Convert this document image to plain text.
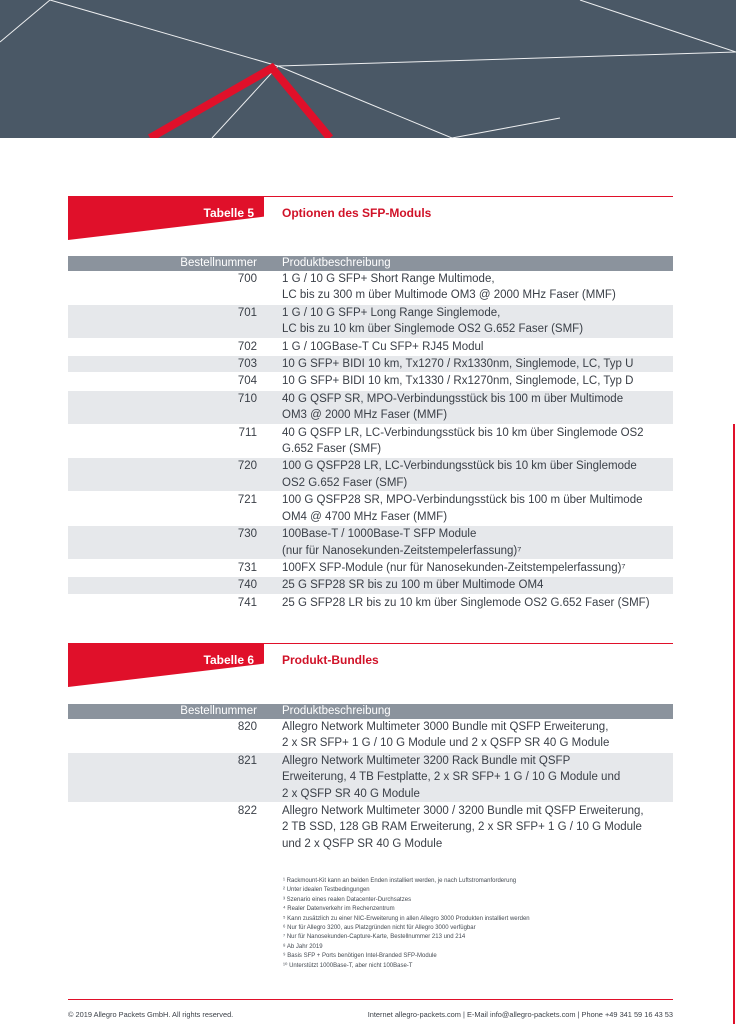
Tabelle 5 Optionen des SFP-Moduls
Bestellnummer	Produktbeschreibung
700 1 G / 10 G SFP+ Short Range Multimode,
LC bis zu 300 m über Multimode OM3 @ 2000 MHz Faser (MMF)
701 1 G / 10 G SFP+ Long Range Singlemode,
LC bis zu 10 km über Singlemode OS2 G.652 Faser (SMF)
702 1 G / 10GBase-T Cu SFP+ RJ45 Modul
703 10 G SFP+ BIDI 10 km, Tx1270 / Rx1330nm, Singlemode, LC, Typ U
704 10 G SFP+ BIDI 10 km, Tx1330 / Rx1270nm, Singlemode, LC, Typ D
710 40 G QSFP SR, MPO-Verbindungsstück bis 100 m über Multimode
OM3 @ 2000 MHz Faser (MMF)
711 40 G QSFP LR, LC-Verbindungsstück bis 10 km über Singlemode OS2
G.652 Faser (SMF)
720 100 G QSFP28 LR, LC-Verbindungsstück bis 10 km über Singlemode
OS2 G.652 Faser (SMF)
721 100 G QSFP28 SR, MPO-Verbindungsstück bis 100 m über Multimode
OM4 @ 4700 MHz Faser (MMF)
730 100Base-T / 1000Base-T SFP Module
(nur für Nanosekunden-Zeitstempelerfassung)⁷
731 100FX SFP-Module (nur für Nanosekunden-Zeitstempelerfassung)⁷
740 25 G SFP28 SR bis zu 100 m über Multimode OM4
741 25 G SFP28 LR bis zu 10 km über Singlemode OS2 G.652 Faser (SMF)
Tabelle 6 Produkt-Bundles
Bestellnummer	Produktbeschreibung
820 Allegro Network Multimeter 3000 Bundle mit QSFP Erweiterung,
2 x SR SFP+ 1 G / 10 G Module und 2 x QSFP SR 40 G Module
821 Allegro Network Multimeter 3200 Rack Bundle mit QSFP
Erweiterung, 4 TB Festplatte, 2 x SR SFP+ 1 G / 10 G Module und
2 x QSFP SR 40 G Module
822 Allegro Network Multimeter 3000 / 3200 Bundle mit QSFP Erweiterung,
2 TB SSD, 128 GB RAM Erweiterung, 2 x SR SFP+ 1 G / 10 G Module
und 2 x QSFP SR 40 G Module
¹ Rackmount-Kit kann an beiden Enden installiert werden, je nach Luftstromanforderung
² Unter idealen Testbedingungen
³ Szenario eines realen Datacenter-Durchsatzes
⁴ Realer Datenverkehr im Rechenzentrum
⁵ Kann zusätzlich zu einer NIC-Erweiterung in allen Allegro 3000 Produkten installiert werden
⁶ Nur für Allegro 3200, aus Platzgründen nicht für Allegro 3000 verfügbar
⁷ Nur für Nanosekunden-Capture-Karte, Bestellnummer 213 und 214
⁸ Ab Jahr 2019
⁹ Basis SFP + Ports benötigen Intel-Branded SFP-Module
¹⁰ Unterstützt 1000Base-T, aber nicht 100Base-T
© 2019 Allegro Packets GmbH. All rights reserved.	Internet allegro-packets.com | E-Mail info@allegro-packets.com | Phone +49 341 59 16 43 53
